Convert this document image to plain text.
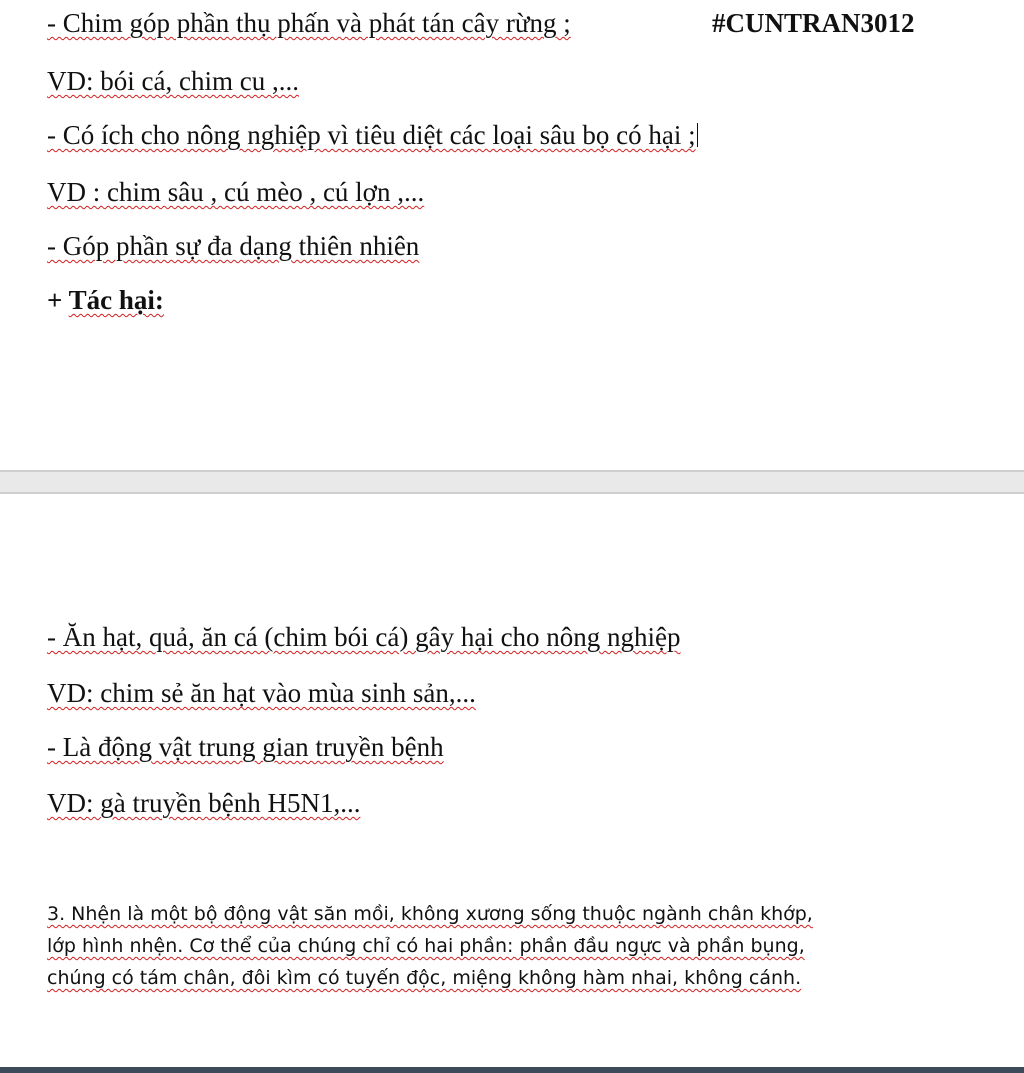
- Chim góp phần thụ phấn và phát tán cây rừng ;	#CUNTRAN3012
VD: bói cá, chim cu ,...
- Có ích cho nông nghiệp vì tiêu diệt các loại sâu bọ có hại ;
VD : chim sâu , cú mèo , cú lợn ,...
- Góp phần sự đa dạng thiên nhiên
+ Tác hại:
- Ăn hạt, quả, ăn cá (chim bói cá) gây hại cho nông nghiệp
VD: chim sẻ ăn hạt vào mùa sinh sản,...
- Là động vật trung gian truyền bệnh
VD: gà truyền bệnh H5N1,...
3. Nhện là một bộ động vật săn mồi, không xương sống thuộc ngành chân khớp,
lớp hình nhện. Cơ thể của chúng chỉ có hai phần: phần đầu ngực và phần bụng,
chúng có tám chân, đôi kìm có tuyến độc, miệng không hàm nhai, không cánh.
